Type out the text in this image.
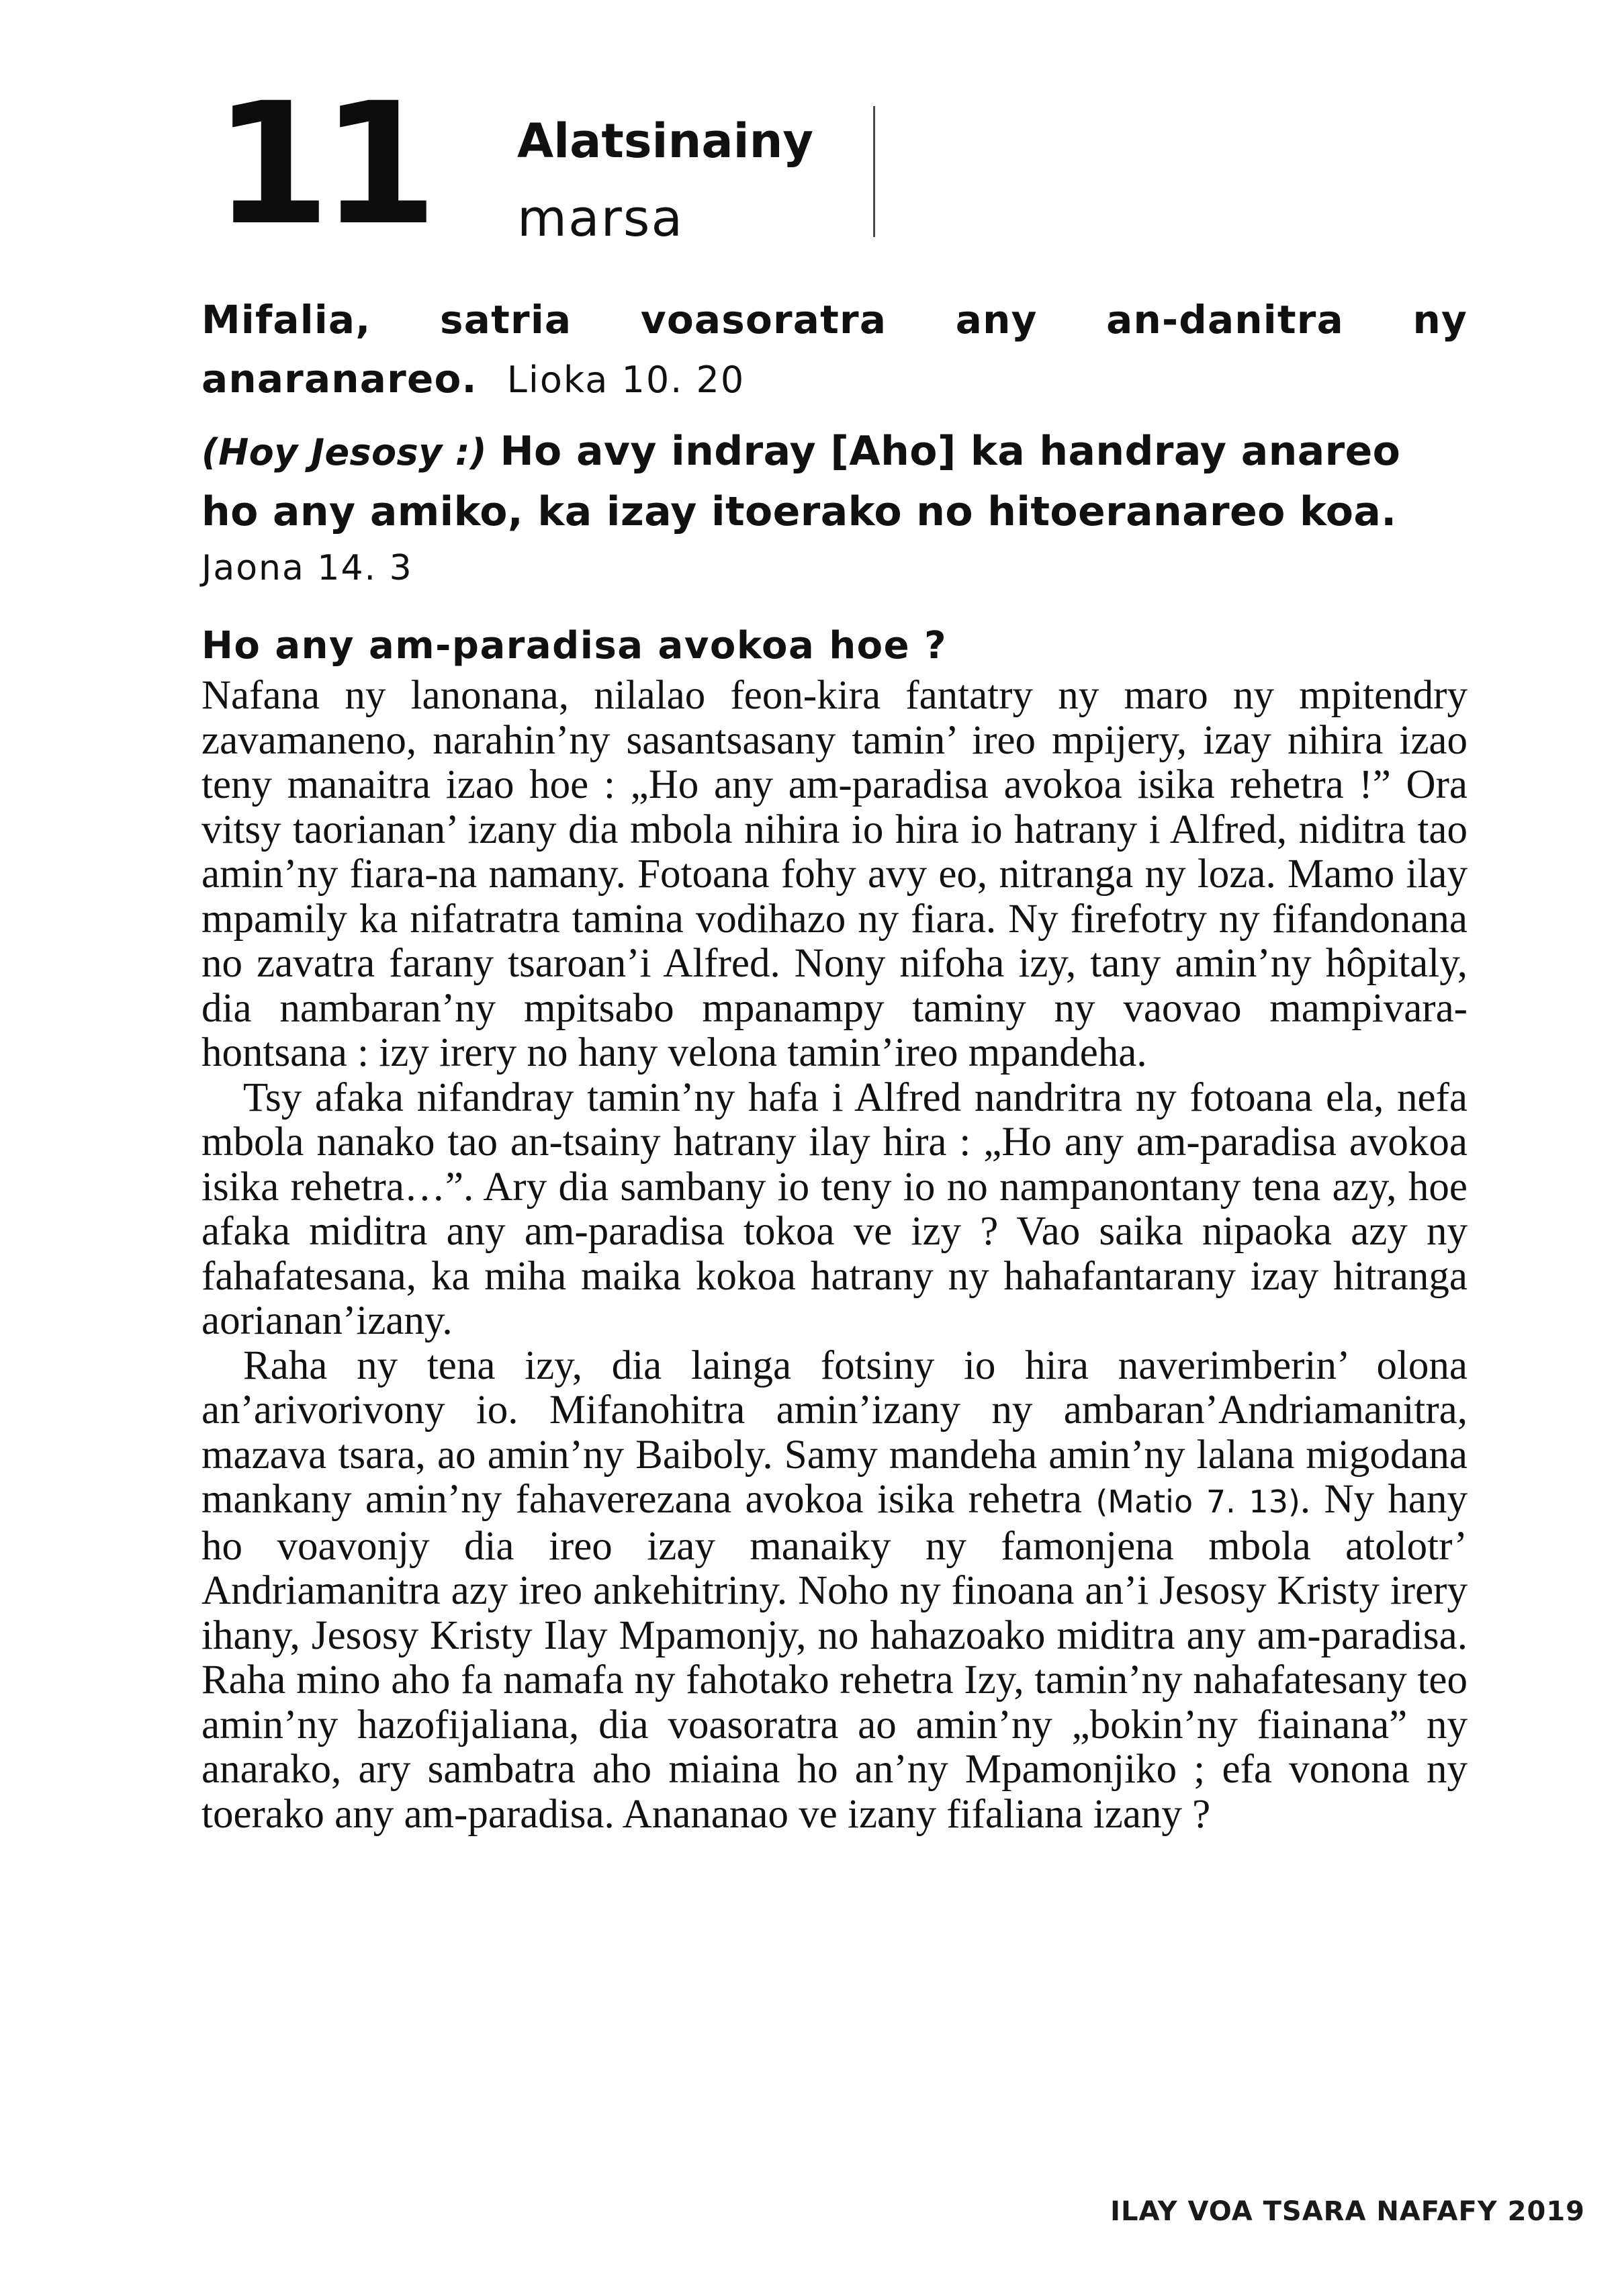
11 Alatsinainy
marsa
Mifalia, satria voasoratra any an-danitra ny anaranareo. Lioka 10. 20
(Hoy Jesosy :) Ho avy indray [Aho] ka handray anareo ho any amiko, ka izay itoerako no hitoeranareo koa.
Jaona 14. 3
Ho any am-paradisa avokoa hoe ?

Nafana ny lanonana, nilalao feon-kira fantatry ny maro ny mpitendry zavamaneno, narahin’ny sasantsasany tamin’ ireo mpijery, izay nihira izao teny manaitra izao hoe : „Ho any am-paradisa avokoa isika rehetra !” Ora vitsy taorianan’ izany dia mbola nihira io hira io hatrany i Alfred, niditra tao amin’ny fiara-na namany. Fotoana fohy avy eo, nitranga ny loza. Mamo ilay mpamily ka nifatratra tamina vodihazo ny fiara. Ny firefotry ny fifandonana no zavatra farany tsaroan’i Alfred. Nony nifoha izy, tany amin’ny hôpitaly, dia nambaran’ny mpitsabo mpanampy taminy ny vaovao mampivarahontsana : izy irery no hany velona tamin’ireo mpandeha.

Tsy afaka nifandray tamin’ny hafa i Alfred nandritra ny fotoana ela, nefa mbola nanako tao an-tsainy hatrany ilay hira : „Ho any am-paradisa avokoa isika rehetra…”. Ary dia sambany io teny io no nampanontany tena azy, hoe afaka miditra any am-paradisa tokoa ve izy ? Vao saika nipaoka azy ny fahafatesana, ka miha maika kokoa hatrany ny hahafantarany izay hitranga aorianan’izany.

Raha ny tena izy, dia lainga fotsiny io hira naverimberin’ olona an’arivorivony io. Mifanohitra amin’izany ny ambaran’Andriamanitra, mazava tsara, ao amin’ny Baiboly. Samy mandeha amin’ny lalana migodana mankany amin’ny fahaverezana avokoa isika rehetra (Matio 7. 13). Ny hany ho voavonjy dia ireo izay manaiky ny famonjena mbola atolotr’ Andriamanitra azy ireo ankehitriny. Noho ny finoana an’i Jesosy Kristy irery ihany, Jesosy Kristy Ilay Mpamonjy, no hahazoako miditra any am-paradisa. Raha mino aho fa namafa ny fahotako rehetra Izy, tamin’ny nahafatesany teo amin’ny hazofijaliana, dia voasoratra ao amin’ny „bokin’ny fiainana” ny anarako, ary sambatra aho miaina ho an’ny Mpamonjiko ; efa vonona ny toerako any am-paradisa. Anananao ve izany fifaliana izany ?

ILAY VOA TSARA NAFAFY 2019
